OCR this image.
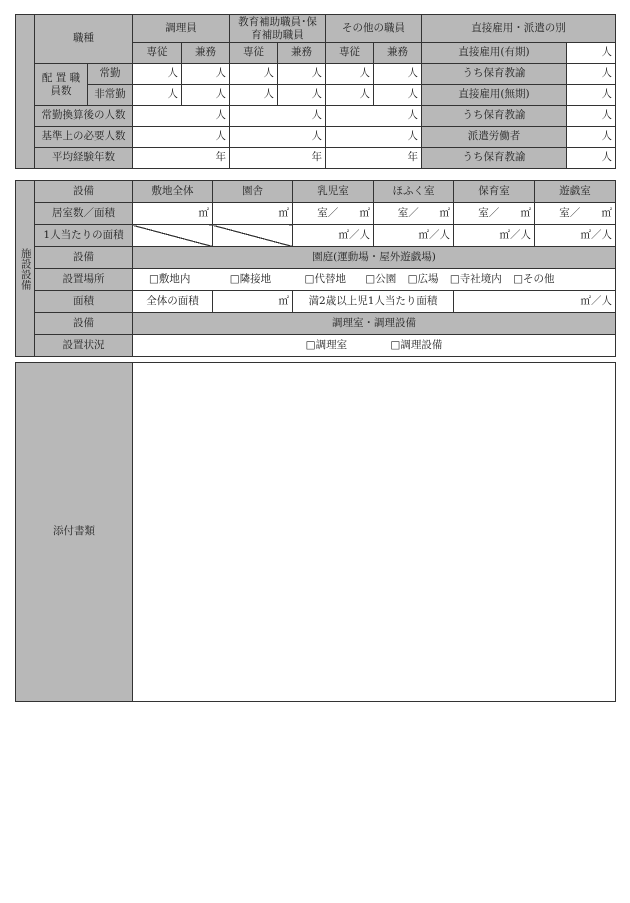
	職種		調理員		教育補助職員･保育補助職員		その他の職員		直接雇用・派遣の別	
			専従	兼務	専従	兼務	専従	兼務	直接雇用(有期)	人
	配 置 職員数	常勤	人	人	人	人	人	人	うち保育教諭	人
		非常勤	人	人	人	人	人	人	直接雇用(無期)	人
	常勤換算後の人数		人		人		人		うち保育教諭	人
	基準上の必要人数		人		人		人		派遣労働者	人
	平均経験年数		年		年		年		うち保育教諭	人
施設設備	設備	敷地全体	園舎	乳児室	ほふく室	保育室	遊戯室
	居室数／面積	㎡	㎡	室／ ㎡	室／ ㎡	室／ ㎡	室／ ㎡

	1人当たりの面積			㎡／人	㎡／人	㎡／人	㎡／人
	設備	園庭(運動場・屋外遊戯場)					
	設置場所	□敷地内 □隣接地 □代替地 □公園 □広場 □寺社境内 □その他					
	面積	全体の面積	㎡	満2歳以上児1人当たり面積		㎡／人	
	設備	調理室・調理設備					
	設置状況	□調理室 □調理設備					
添付書類	
